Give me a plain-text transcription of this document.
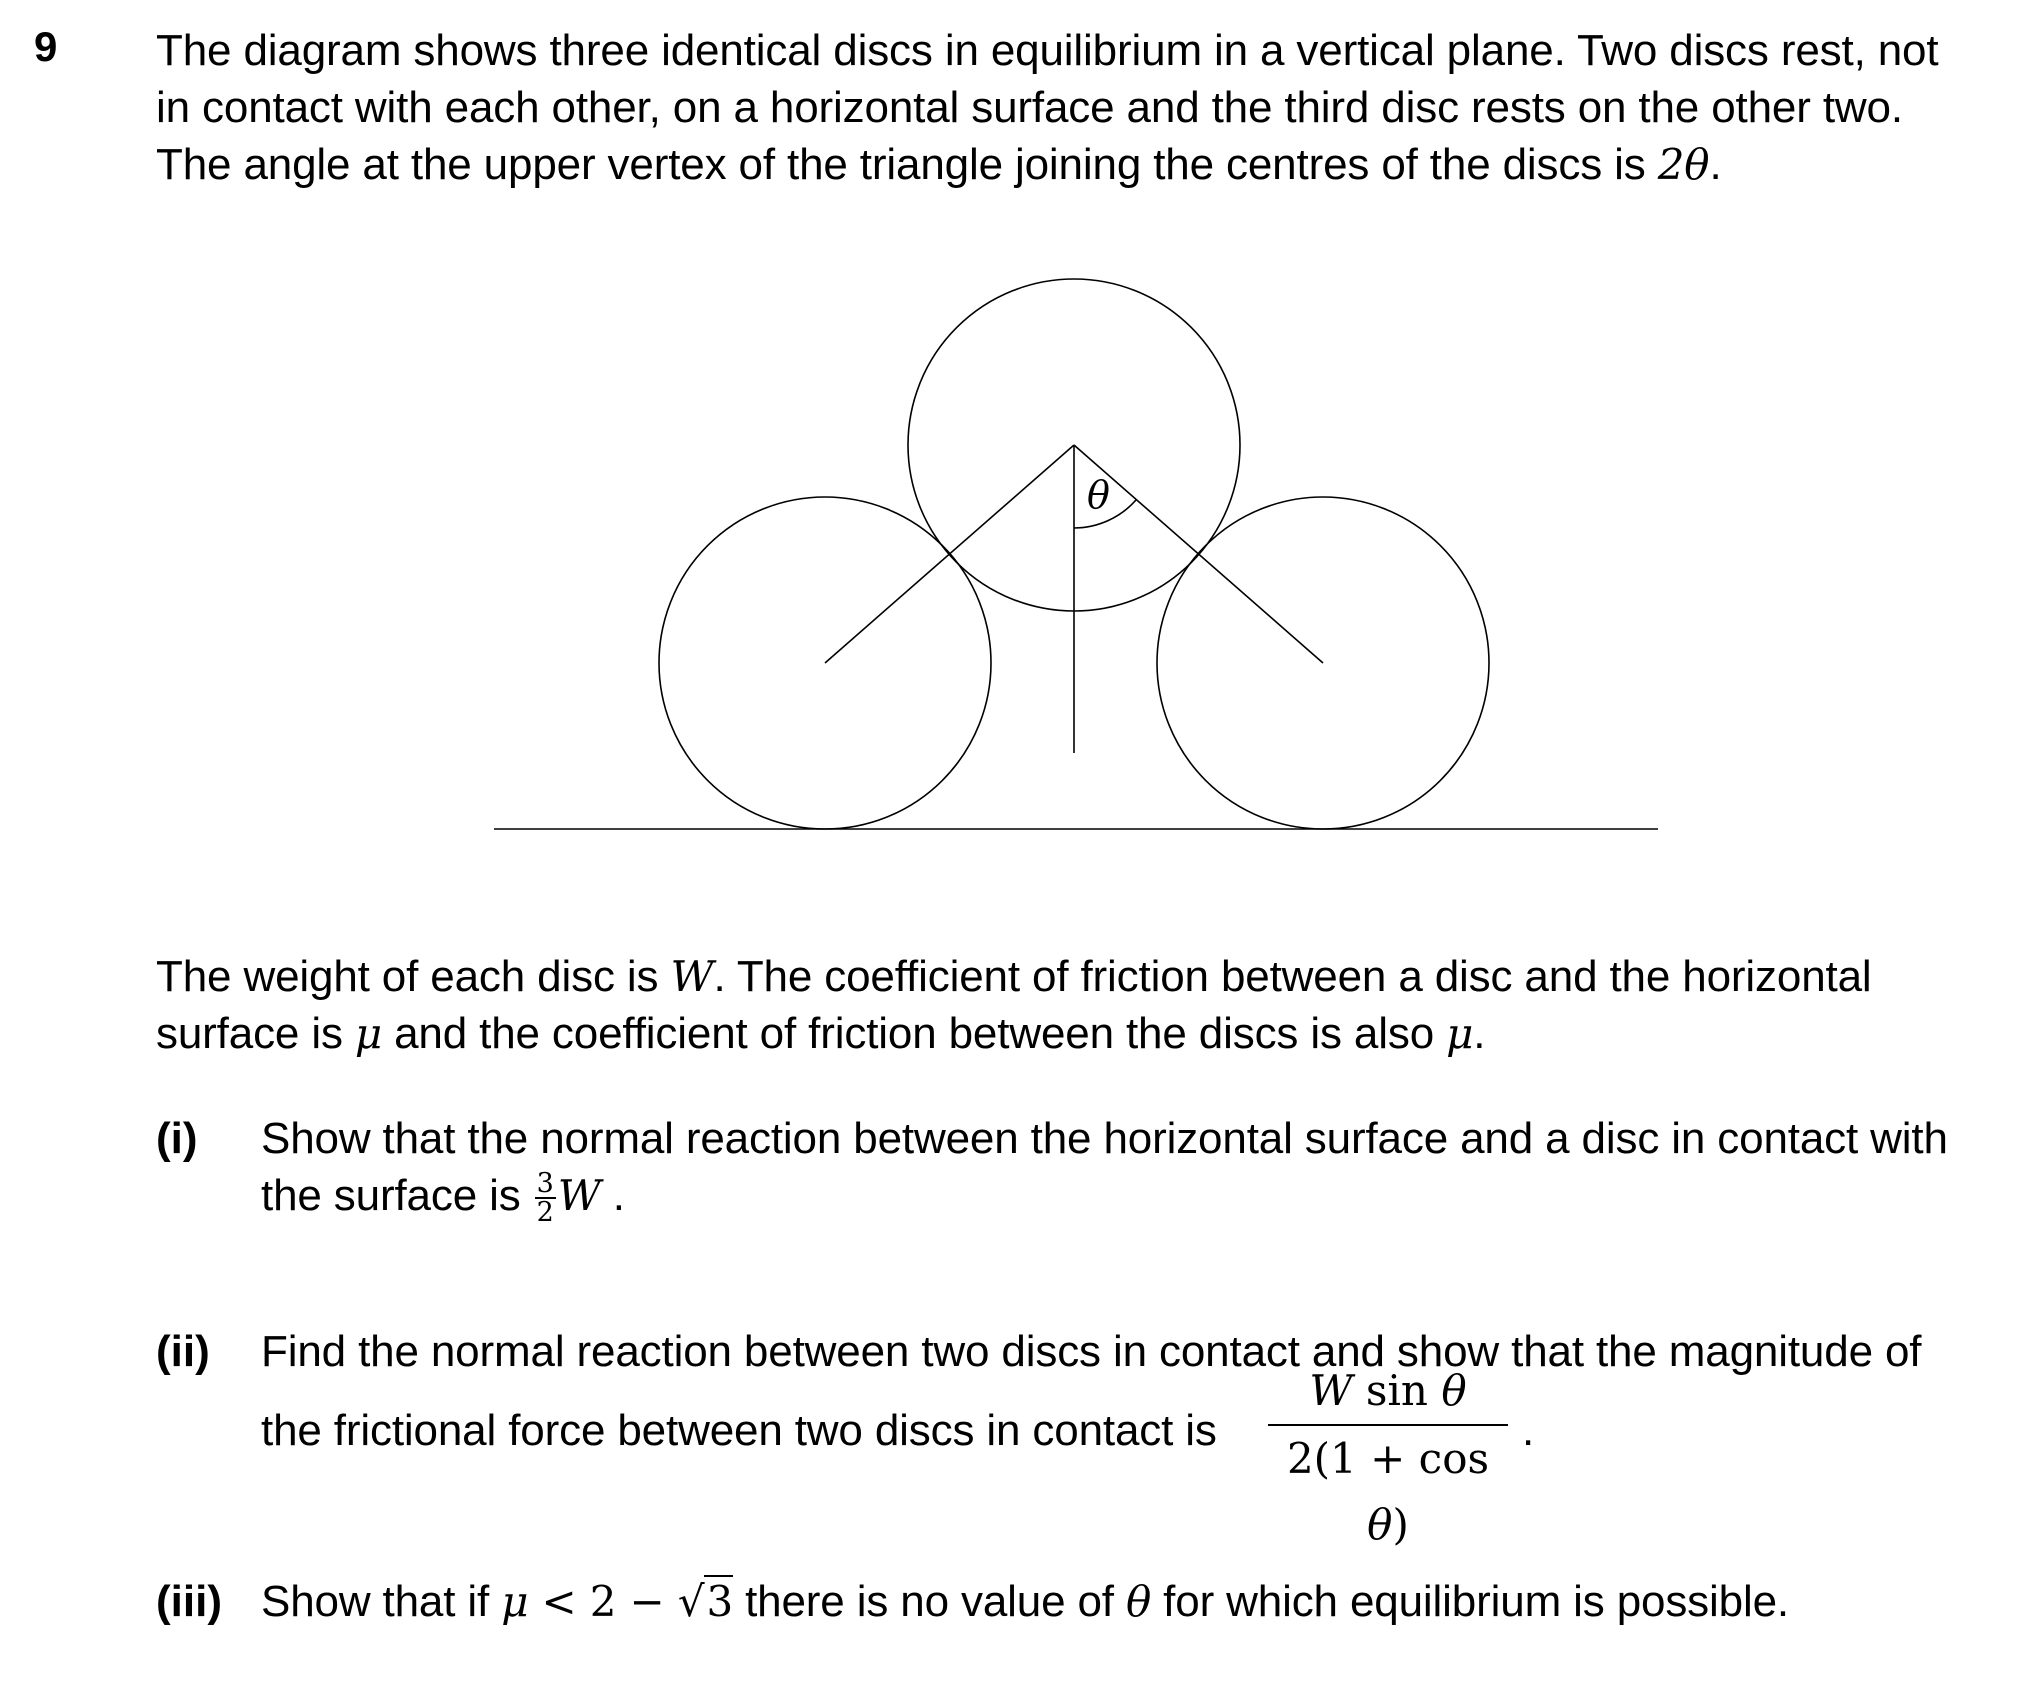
9 The diagram shows three identical discs in equilibrium in a vertical plane. Two discs rest, not
in contact with each other, on a horizontal surface and the third disc rests on the other two.
The angle at the upper vertex of the triangle joining the centres of the discs is 2θ.
θ
The weight of each disc is W. The coefficient of friction between a disc and the horizontal
surface is μ and the coefficient of friction between the discs is also μ.
(i) Show that the normal reaction between the horizontal surface and a disc in contact with
the surface is $\frac{3}{2}$ W .
(ii) Find the normal reaction between two discs in contact and show that the magnitude of
the frictional force between two discs in contact is
W sin θ
2(1 + cos θ)
.
(iii) Show that if μ < 2 − √3 there is no value of θ for which equilibrium is possible.
